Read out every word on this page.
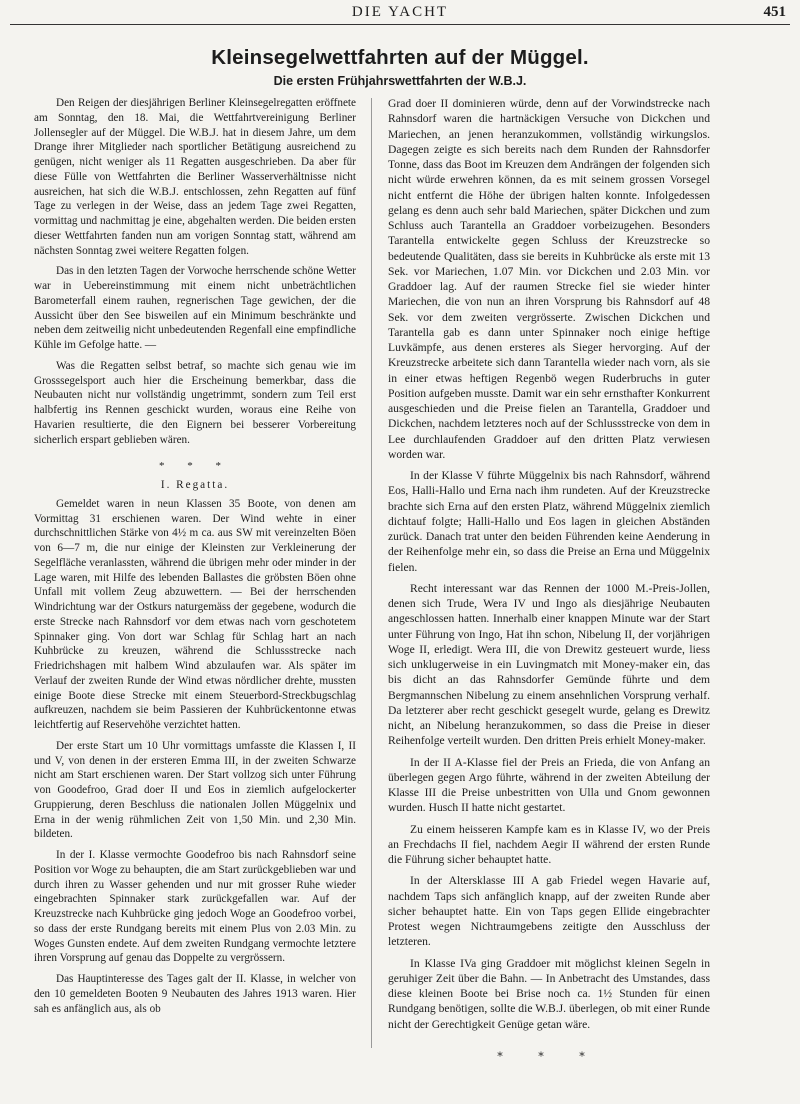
DIE YACHT	451
Kleinsegelwettfahrten auf der Müggel.
Die ersten Frühjahrswettfahrten der W.B.J.

Den Reigen der diesjährigen Berliner Kleinsegelregatten eröffnete am Sonntag, den 18. Mai, die Wettfahrtvereinigung Berliner Jollensegler auf der Müggel. Die W.B.J. hat in diesem Jahre, um dem Drange ihrer Mitglieder nach sportlicher Betätigung ausreichend zu genügen, nicht weniger als 11 Regatten ausgeschrieben. Da aber für diese Fülle von Wettfahrten die Berliner Wasserverhältnisse nicht ausreichen, hat sich die W.B.J. entschlossen, zehn Regatten auf fünf Tage zu verlegen in der Weise, dass an jedem Tage zwei Regatten, vormittag und nachmittag je eine, abgehalten werden. Die beiden ersten dieser Wettfahrten fanden nun am vorigen Sonntag statt, während am nächsten Sonntag zwei weitere Regatten folgen.

Das in den letzten Tagen der Vorwoche herrschende schöne Wetter war in Uebereinstimmung mit einem nicht unbeträchtlichen Barometerfall einem rauhen, regnerischen Tage gewichen, der die Aussicht über den See bisweilen auf ein Minimum beschränkte und neben dem zeitweilig nicht unbedeutenden Regenfall eine empfindliche Kühle im Gefolge hatte. —

Was die Regatten selbst betraf, so machte sich genau wie im Grosssegelsport auch hier die Erscheinung bemerkbar, dass die Neubauten nicht nur vollständig ungetrimmt, sondern zum Teil erst halbfertig ins Rennen geschickt wurden, woraus eine Reihe von Havarien resultierte, die den Eignern bei besserer Vorbereitung sicherlich erspart geblieben wären.

* * *
I. Regatta.

Gemeldet waren in neun Klassen 35 Boote, von denen am Vormittag 31 erschienen waren. Der Wind wehte in einer durchschnittlichen Stärke von 4½ m ca. aus SW mit vereinzelten Böen von 6—7 m, die nur einige der Kleinsten zur Verkleinerung der Segelfläche veranlassten, während die übrigen mehr oder minder in der Lage waren, mit Hilfe des lebenden Ballastes die gröbsten Böen ohne Unfall mit vollem Zeug abzuwettern. — Bei der herrschenden Windrichtung war der Ostkurs naturgemäss der gegebene, wodurch die erste Strecke nach Rahnsdorf vor dem etwas nach vorn geschotetem Spinnaker ging. Von dort war Schlag für Schlag hart an nach Kuhbrücke zu kreuzen, während die Schlussstrecke nach Friedrichshagen mit halbem Wind abzulaufen war. Als später im Verlauf der zweiten Runde der Wind etwas nördlicher drehte, mussten einige Boote diese Strecke mit einem Steuerbord-Streckbugschlag aufkreuzen, nachdem sie beim Passieren der Kuhbrückentonne etwas leichtfertig auf Reservehöhe verzichtet hatten.

Der erste Start um 10 Uhr vormittags umfasste die Klassen I, II und V, von denen in der ersteren Emma III, in der zweiten Schwarze nicht am Start erschienen waren. Der Start vollzog sich unter Führung von Goodefroo, Grad doer II und Eos in ziemlich aufgelockerter Gruppierung, deren Beschluss die nationalen Jollen Müggelnix und Erna in der wenig rühmlichen Zeit von 1,50 Min. und 2,30 Min. bildeten.

In der I. Klasse vermochte Goodefroo bis nach Rahnsdorf seine Position vor Woge zu behaupten, die am Start zurückgeblieben war und durch ihren zu Wasser gehenden und nur mit grosser Ruhe wieder eingebrachten Spinnaker stark zurückgefallen war. Auf der Kreuzstrecke nach Kuhbrücke ging jedoch Woge an Goodefroo vorbei, so dass der erste Rundgang bereits mit einem Plus von 2.03 Min. zu Woges Gunsten endete. Auf dem zweiten Rundgang vermochte letztere ihren Vorsprung auf genau das Doppelte zu vergrössern.

Das Hauptinteresse des Tages galt der II. Klasse, in welcher von den 10 gemeldeten Booten 9 Neubauten des Jahres 1913 waren. Hier sah es anfänglich aus, als ob

Grad doer II dominieren würde, denn auf der Vorwindstrecke nach Rahnsdorf waren die hartnäckigen Versuche von Dickchen und Mariechen, an jenen heranzukommen, vollständig wirkungslos. Dagegen zeigte es sich bereits nach dem Runden der Rahnsdorfer Tonne, dass das Boot im Kreuzen dem Andrängen der folgenden sich nicht würde erwehren können, da es mit seinem grossen Vorsegel nicht entfernt die Höhe der übrigen halten konnte. Infolgedessen gelang es denn auch sehr bald Mariechen, später Dickchen und zum Schluss auch Tarantella an Graddoer vorbeizugehen. Besonders Tarantella entwickelte gegen Schluss der Kreuzstrecke so bedeutende Qualitäten, dass sie bereits in Kuhbrücke als erste mit 13 Sek. vor Mariechen, 1.07 Min. vor Dickchen und 2.03 Min. vor Graddoer lag. Auf der raumen Strecke fiel sie wieder hinter Mariechen, die von nun an ihren Vorsprung bis Rahnsdorf auf 48 Sek. vor dem zweiten vergrösserte. Zwischen Dickchen und Tarantella gab es dann unter Spinnaker noch einige heftige Luvkämpfe, aus denen ersteres als Sieger hervorging. Auf der Kreuzstrecke arbeitete sich dann Tarantella wieder nach vorn, als sie in einer etwas heftigen Regenbö wegen Ruderbruchs in guter Position aufgeben musste. Damit war ein sehr ernsthafter Konkurrent ausgeschieden und die Preise fielen an Tarantella, Graddoer und Dickchen, nachdem letzteres noch auf der Schlussstrecke von dem in Lee durchlaufenden Graddoer auf den dritten Platz verwiesen worden war.

In der Klasse V führte Müggelnix bis nach Rahnsdorf, während Eos, Halli-Hallo und Erna nach ihm rundeten. Auf der Kreuzstrecke brachte sich Erna auf den ersten Platz, während Müggelnix ziemlich dichtauf folgte; Halli-Hallo und Eos lagen in gleichen Abständen zurück. Danach trat unter den beiden Führenden keine Aenderung in der Reihenfolge mehr ein, so dass die Preise an Erna und Müggelnix fielen.

Recht interessant war das Rennen der 1000 M.-Preis-Jollen, denen sich Trude, Wera IV und Ingo als diesjährige Neubauten angeschlossen hatten. Innerhalb einer knappen Minute war der Start unter Führung von Ingo, Hat ihn schon, Nibelung II, der vorjährigen Woge II, erledigt. Wera III, die von Drewitz gesteuert wurde, liess sich unklugerweise in ein Luvingmatch mit Money-maker ein, das bis dicht an das Rahnsdorfer Gemünde führte und dem Bergmannschen Nibelung zu einem ansehnlichen Vorsprung verhalf. Da letzterer aber recht geschickt gesegelt wurde, gelang es Drewitz nicht, an Nibelung heranzukommen, so dass die Preise in dieser Reihenfolge verteilt wurden. Den dritten Preis erhielt Money-maker.

In der II A-Klasse fiel der Preis an Frieda, die von Anfang an überlegen gegen Argo führte, während in der zweiten Abteilung der Klasse III die Preise unbestritten von Ulla und Gnom gewonnen wurden. Husch II hatte nicht gestartet.

Zu einem heisseren Kampfe kam es in Klasse IV, wo der Preis an Frechdachs II fiel, nachdem Aegir II während der ersten Runde die Führung sicher behauptet hatte.

In der Altersklasse III A gab Friedel wegen Havarie auf, nachdem Taps sich anfänglich knapp, auf der zweiten Runde aber sicher behauptet hatte. Ein von Taps gegen Ellide eingebrachter Protest wegen Nichtraumgebens zeitigte den Ausschluss der letzteren.

In Klasse IVa ging Graddoer mit möglichst kleinen Segeln in geruhiger Zeit über die Bahn. — In Anbetracht des Umstandes, dass diese kleinen Boote bei Brise noch ca. 1½ Stunden für einen Rundgang benötigen, sollte die W.B.J. überlegen, ob mit einer Runde nicht der Gerechtigkeit Genüge getan wäre.

* * *
